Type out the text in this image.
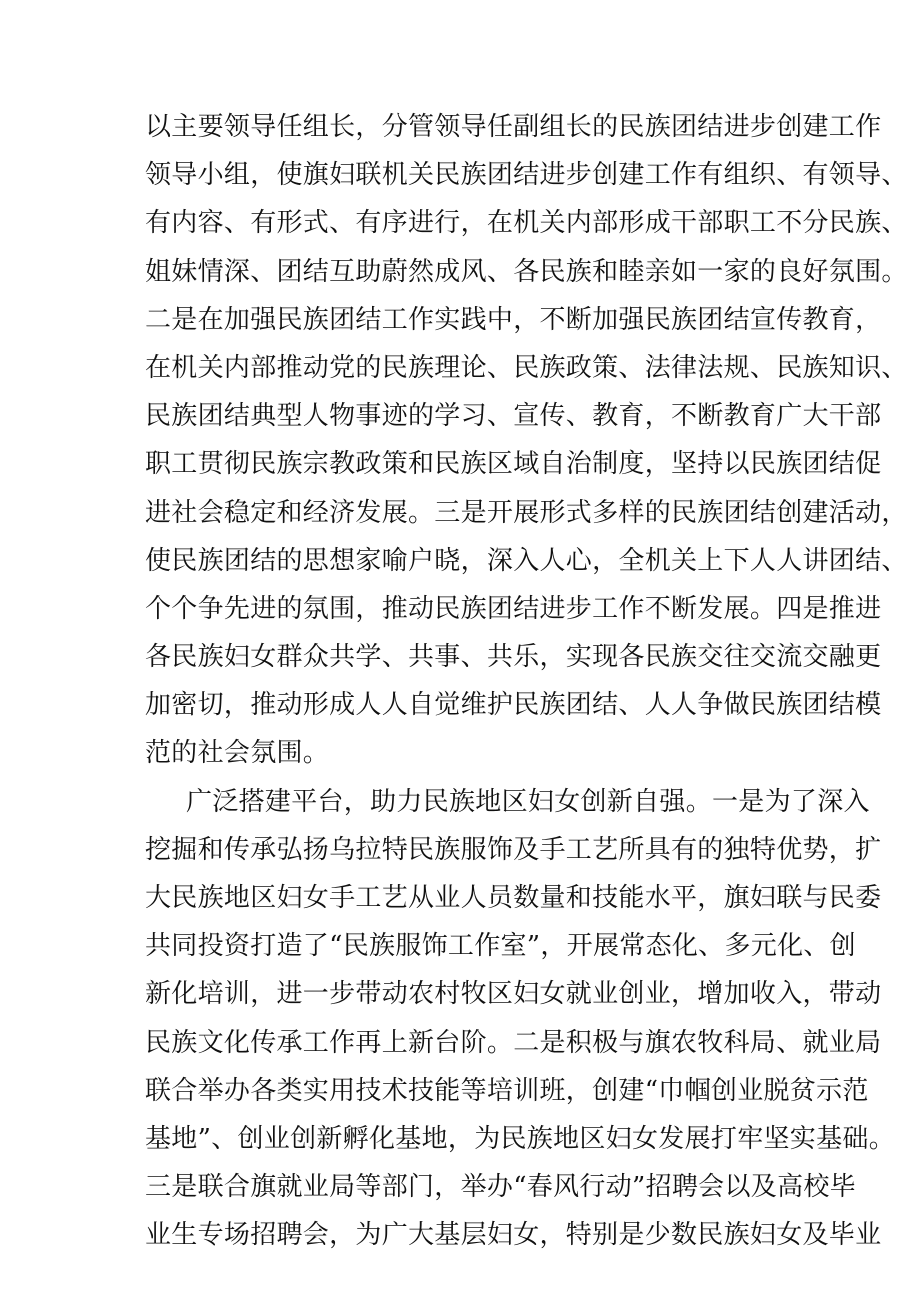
以主要领导任组长，分管领导任副组长的民族团结进步创建工作
领导小组，使旗妇联机关民族团结进步创建工作有组织、有领导、
有内容、有形式、有序进行，在机关内部形成干部职工不分民族、
姐妹情深、团结互助蔚然成风、各民族和睦亲如一家的良好氛围。
二是在加强民族团结工作实践中，不断加强民族团结宣传教育，
在机关内部推动党的民族理论、民族政策、法律法规、民族知识、
民族团结典型人物事迹的学习、宣传、教育，不断教育广大干部
职工贯彻民族宗教政策和民族区域自治制度，坚持以民族团结促
进社会稳定和经济发展。三是开展形式多样的民族团结创建活动，
使民族团结的思想家喻户晓，深入人心，全机关上下人人讲团结、
个个争先进的氛围，推动民族团结进步工作不断发展。四是推进
各民族妇女群众共学、共事、共乐，实现各民族交往交流交融更
加密切，推动形成人人自觉维护民族团结、人人争做民族团结模
范的社会氛围。
广泛搭建平台，助力民族地区妇女创新自强。一是为了深入
挖掘和传承弘扬乌拉特民族服饰及手工艺所具有的独特优势，扩
大民族地区妇女手工艺从业人员数量和技能水平，旗妇联与民委
共同投资打造了“民族服饰工作室”，开展常态化、多元化、创
新化培训，进一步带动农村牧区妇女就业创业，增加收入，带动
民族文化传承工作再上新台阶。二是积极与旗农牧科局、就业局
联合举办各类实用技术技能等培训班，创建“巾帼创业脱贫示范
基地”、创业创新孵化基地，为民族地区妇女发展打牢坚实基础。
三是联合旗就业局等部门，举办“春风行动”招聘会以及高校毕
业生专场招聘会，为广大基层妇女，特别是少数民族妇女及毕业
